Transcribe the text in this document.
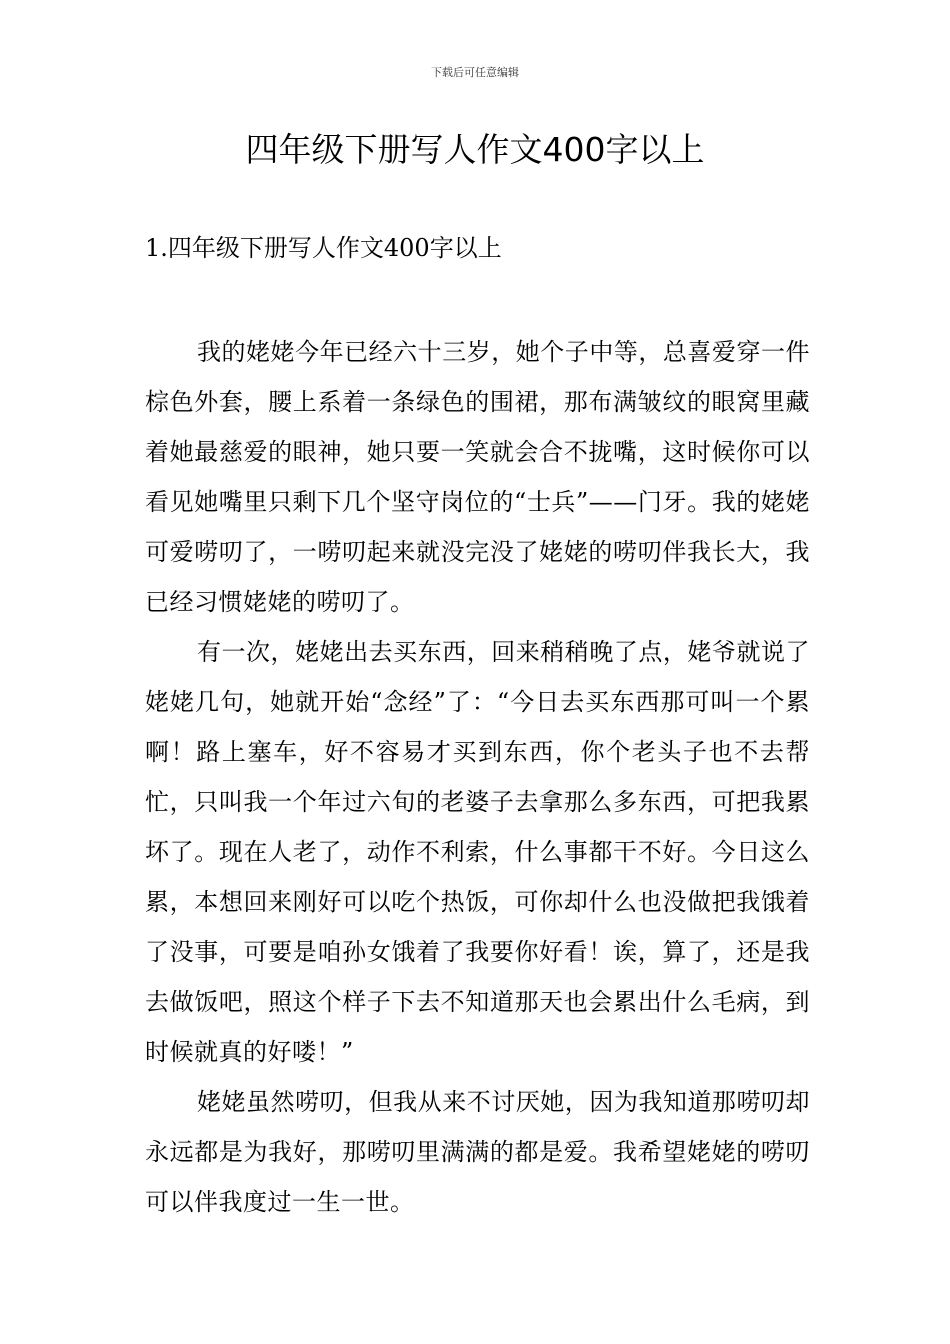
下载后可任意编辑
四年级下册写人作文400字以上
1.四年级下册写人作文400字以上

我的姥姥今年已经六十三岁，她个子中等，总喜爱穿一件棕色外套，腰上系着一条绿色的围裙，那布满皱纹的眼窝里藏着她最慈爱的眼神，她只要一笑就会合不拢嘴，这时候你可以看见她嘴里只剩下几个坚守岗位的“士兵”——门牙。我的姥姥可爱唠叨了，一唠叨起来就没完没了姥姥的唠叨伴我长大，我已经习惯姥姥的唠叨了。

有一次，姥姥出去买东西，回来稍稍晚了点，姥爷就说了姥姥几句，她就开始“念经”了：“今日去买东西那可叫一个累啊！路上塞车，好不容易才买到东西，你个老头子也不去帮忙，只叫我一个年过六旬的老婆子去拿那么多东西，可把我累坏了。现在人老了，动作不利索，什么事都干不好。今日这么累，本想回来刚好可以吃个热饭，可你却什么也没做把我饿着了没事，可要是咱孙女饿着了我要你好看！诶，算了，还是我去做饭吧，照这个样子下去不知道那天也会累出什么毛病，到时候就真的好喽！”

姥姥虽然唠叨，但我从来不讨厌她，因为我知道那唠叨却永远都是为我好，那唠叨里满满的都是爱。我希望姥姥的唠叨可以伴我度过一生一世。
